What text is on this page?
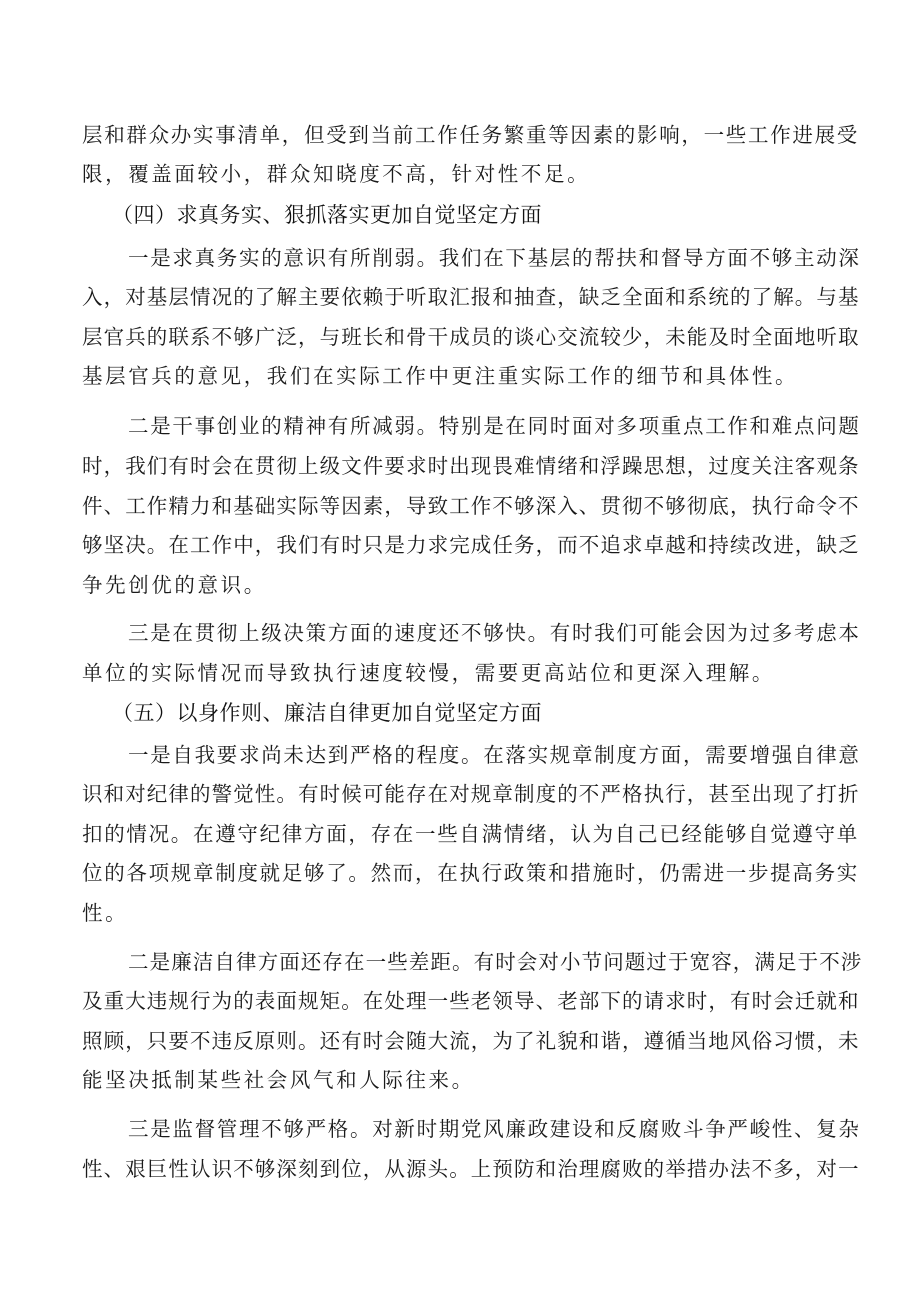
层和群众办实事清单，但受到当前工作任务繁重等因素的影响，一些工作进展受
限，覆盖面较小，群众知晓度不高，针对性不足。
（四）求真务实、狠抓落实更加自觉坚定方面
一是求真务实的意识有所削弱。我们在下基层的帮扶和督导方面不够主动深
入，对基层情况的了解主要依赖于听取汇报和抽查，缺乏全面和系统的了解。与基
层官兵的联系不够广泛，与班长和骨干成员的谈心交流较少，未能及时全面地听取
基层官兵的意见，我们在实际工作中更注重实际工作的细节和具体性。
二是干事创业的精神有所减弱。特别是在同时面对多项重点工作和难点问题
时，我们有时会在贯彻上级文件要求时出现畏难情绪和浮躁思想，过度关注客观条
件、工作精力和基础实际等因素，导致工作不够深入、贯彻不够彻底，执行命令不
够坚决。在工作中，我们有时只是力求完成任务，而不追求卓越和持续改进，缺乏
争先创优的意识。
三是在贯彻上级决策方面的速度还不够快。有时我们可能会因为过多考虑本
单位的实际情况而导致执行速度较慢，需要更高站位和更深入理解。
（五）以身作则、廉洁自律更加自觉坚定方面
一是自我要求尚未达到严格的程度。在落实规章制度方面，需要增强自律意
识和对纪律的警觉性。有时候可能存在对规章制度的不严格执行，甚至出现了打折
扣的情况。在遵守纪律方面，存在一些自满情绪，认为自己已经能够自觉遵守单
位的各项规章制度就足够了。然而，在执行政策和措施时，仍需进一步提高务实
性。
二是廉洁自律方面还存在一些差距。有时会对小节问题过于宽容，满足于不涉
及重大违规行为的表面规矩。在处理一些老领导、老部下的请求时，有时会迁就和
照顾，只要不违反原则。还有时会随大流，为了礼貌和谐，遵循当地风俗习惯，未
能坚决抵制某些社会风气和人际往来。
三是监督管理不够严格。对新时期党风廉政建设和反腐败斗争严峻性、复杂
性、艰巨性认识不够深刻到位，从源头。上预防和治理腐败的举措办法不多，对一
